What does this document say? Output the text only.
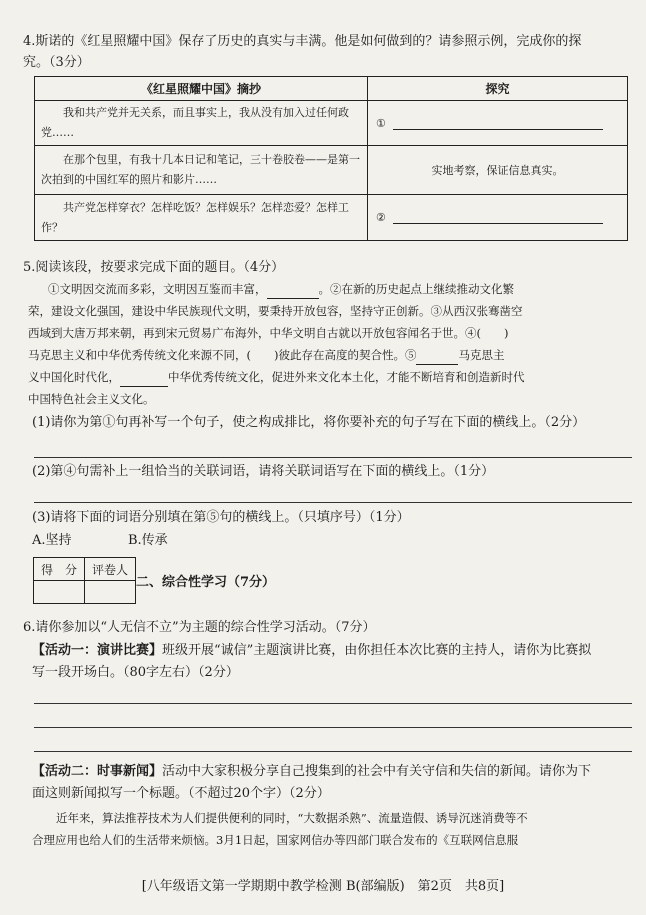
4.斯诺的《红星照耀中国》保存了历史的真实与丰满。他是如何做到的？请参照示例，完成你的探
究。（3分）
《红星照耀中国》摘抄	探究
我和共产党并无关系，而且事实上，我从没有加入过任何政党……	①
在那个包里，有我十几本日记和笔记，三十卷胶卷——是第一次拍到的中国红军的照片和影片……	实地考察，保证信息真实。
共产党怎样穿衣？怎样吃饭？怎样娱乐？怎样恋爱？怎样工作？	②
5.阅读该段，按要求完成下面的题目。（4分）
①文明因交流而多彩，文明因互鉴而丰富，	。②在新的历史起点上继续推动文化繁
荣，建设文化强国，建设中华民族现代文明，要秉持开放包容，坚持守正创新。③从西汉张骞凿空
西域到大唐万邦来朝，再到宋元贸易广布海外，中华文明自古就以开放包容闻名于世。④(　　)
马克思主义和中华优秀传统文化来源不同，(　　)彼此存在高度的契合性。⑤	马克思主
义中国化时代化，	中华优秀传统文化，促进外来文化本土化，才能不断培育和创造新时代
中国特色社会主义文化。
(1)请你为第①句再补写一个句子，使之构成排比，将你要补充的句子写在下面的横线上。（2分）
(2)第④句需补上一组恰当的关联词语，请将关联词语写在下面的横线上。（1分）
(3)请将下面的词语分别填在第⑤句的横线上。（只填序号）（1分）
A.坚持	B.传承
得　分	评卷人

二、综合性学习（7分）
6.请你参加以“人无信不立”为主题的综合性学习活动。（7分）
【活动一：演讲比赛】班级开展“诚信”主题演讲比赛，由你担任本次比赛的主持人，请你为比赛拟
写一段开场白。（80字左右）（2分）
【活动二：时事新闻】活动中大家积极分享自己搜集到的社会中有关守信和失信的新闻。请你为下
面这则新闻拟写一个标题。（不超过20个字）（2分）
近年来，算法推荐技术为人们提供便利的同时，“大数据杀熟”、流量造假、诱导沉迷消费等不
合理应用也给人们的生活带来烦恼。3月1日起，国家网信办等四部门联合发布的《互联网信息服
[八年级语文第一学期期中教学检测 B(部编版)　第2页　共8页]
